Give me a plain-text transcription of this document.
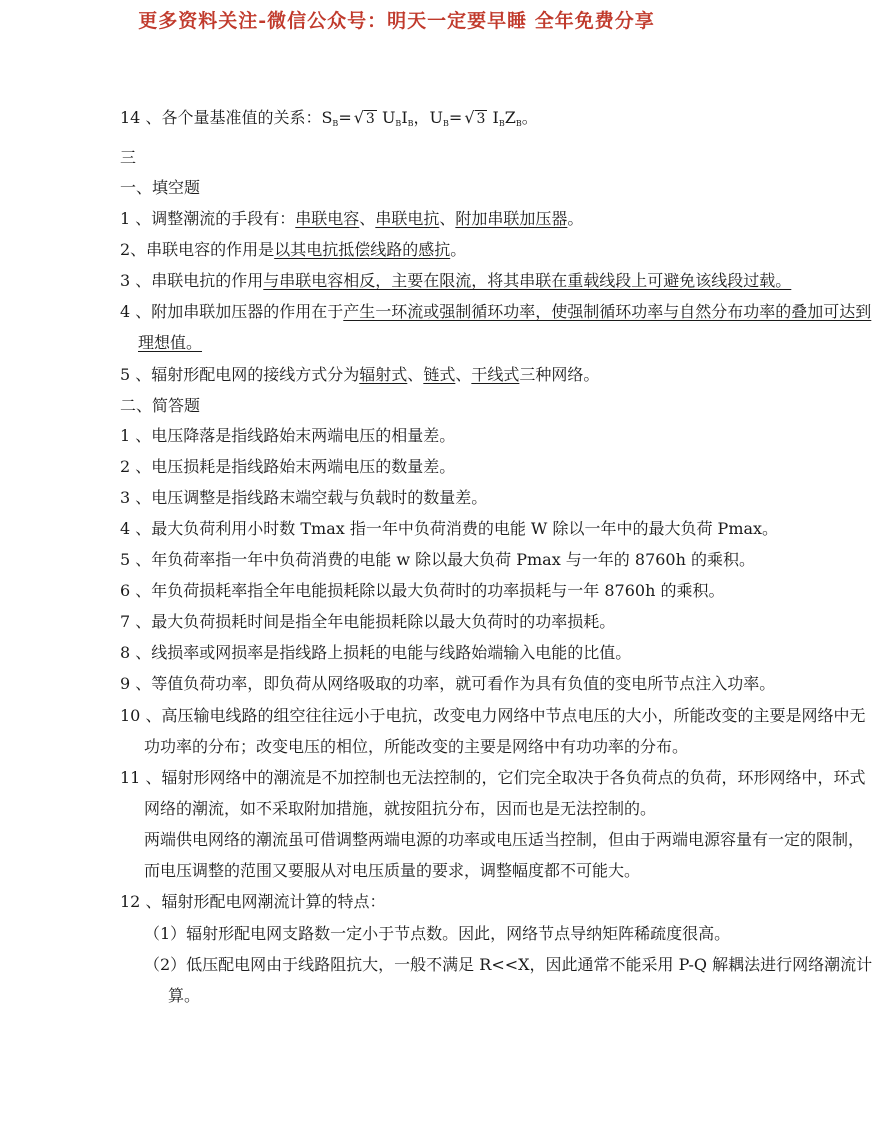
更多资料关注-微信公众号：明天一定要早睡 全年免费分享
14 、各个量基准值的关系：$S_B=$ √ 3 $U_BI_B$，$U_B=$ √ 3 $I_BZ_B$。
三
一、填空题
1 、调整潮流的手段有：串联电容、串联电抗、附加串联加压器。
2、串联电容的作用是以其电抗抵偿线路的感抗。
3 、串联电抗的作用与串联电容相反，主要在限流，将其串联在重载线段上可避免该线段过载。
4 、附加串联加压器的作用在于产生一环流或强制循环功率，使强制循环功率与自然分布功率的叠加可达到
理想值。
5 、辐射形配电网的接线方式分为辐射式、链式、干线式三种网络。
二、简答题
1 、电压降落是指线路始末两端电压的相量差。
2 、电压损耗是指线路始末两端电压的数量差。
3 、电压调整是指线路末端空载与负载时的数量差。
4 、最大负荷利用小时数 Tmax 指一年中负荷消费的电能 W 除以一年中的最大负荷 Pmax。
5 、年负荷率指一年中负荷消费的电能 w 除以最大负荷 Pmax 与一年的 8760h 的乘积。
6 、年负荷损耗率指全年电能损耗除以最大负荷时的功率损耗与一年 8760h 的乘积。
7 、最大负荷损耗时间是指全年电能损耗除以最大负荷时的功率损耗。
8 、线损率或网损率是指线路上损耗的电能与线路始端输入电能的比值。
9 、等值负荷功率，即负荷从网络吸取的功率，就可看作为具有负值的变电所节点注入功率。
10 、高压输电线路的组空往往远小于电抗，改变电力网络中节点电压的大小，所能改变的主要是网络中无
功功率的分布；改变电压的相位，所能改变的主要是网络中有功功率的分布。
11 、辐射形网络中的潮流是不加控制也无法控制的，它们完全取决于各负荷点的负荷，环形网络中，环式
网络的潮流，如不采取附加措施，就按阻抗分布，因而也是无法控制的。
两端供电网络的潮流虽可借调整两端电源的功率或电压适当控制，但由于两端电源容量有一定的限制，
而电压调整的范围又要服从对电压质量的要求，调整幅度都不可能大。
12 、辐射形配电网潮流计算的特点：
（1）辐射形配电网支路数一定小于节点数。因此，网络节点导纳矩阵稀疏度很高。
（2）低压配电网由于线路阻抗大，一般不满足 R<<X，因此通常不能采用 P-Q 解耦法进行网络潮流计
算。
